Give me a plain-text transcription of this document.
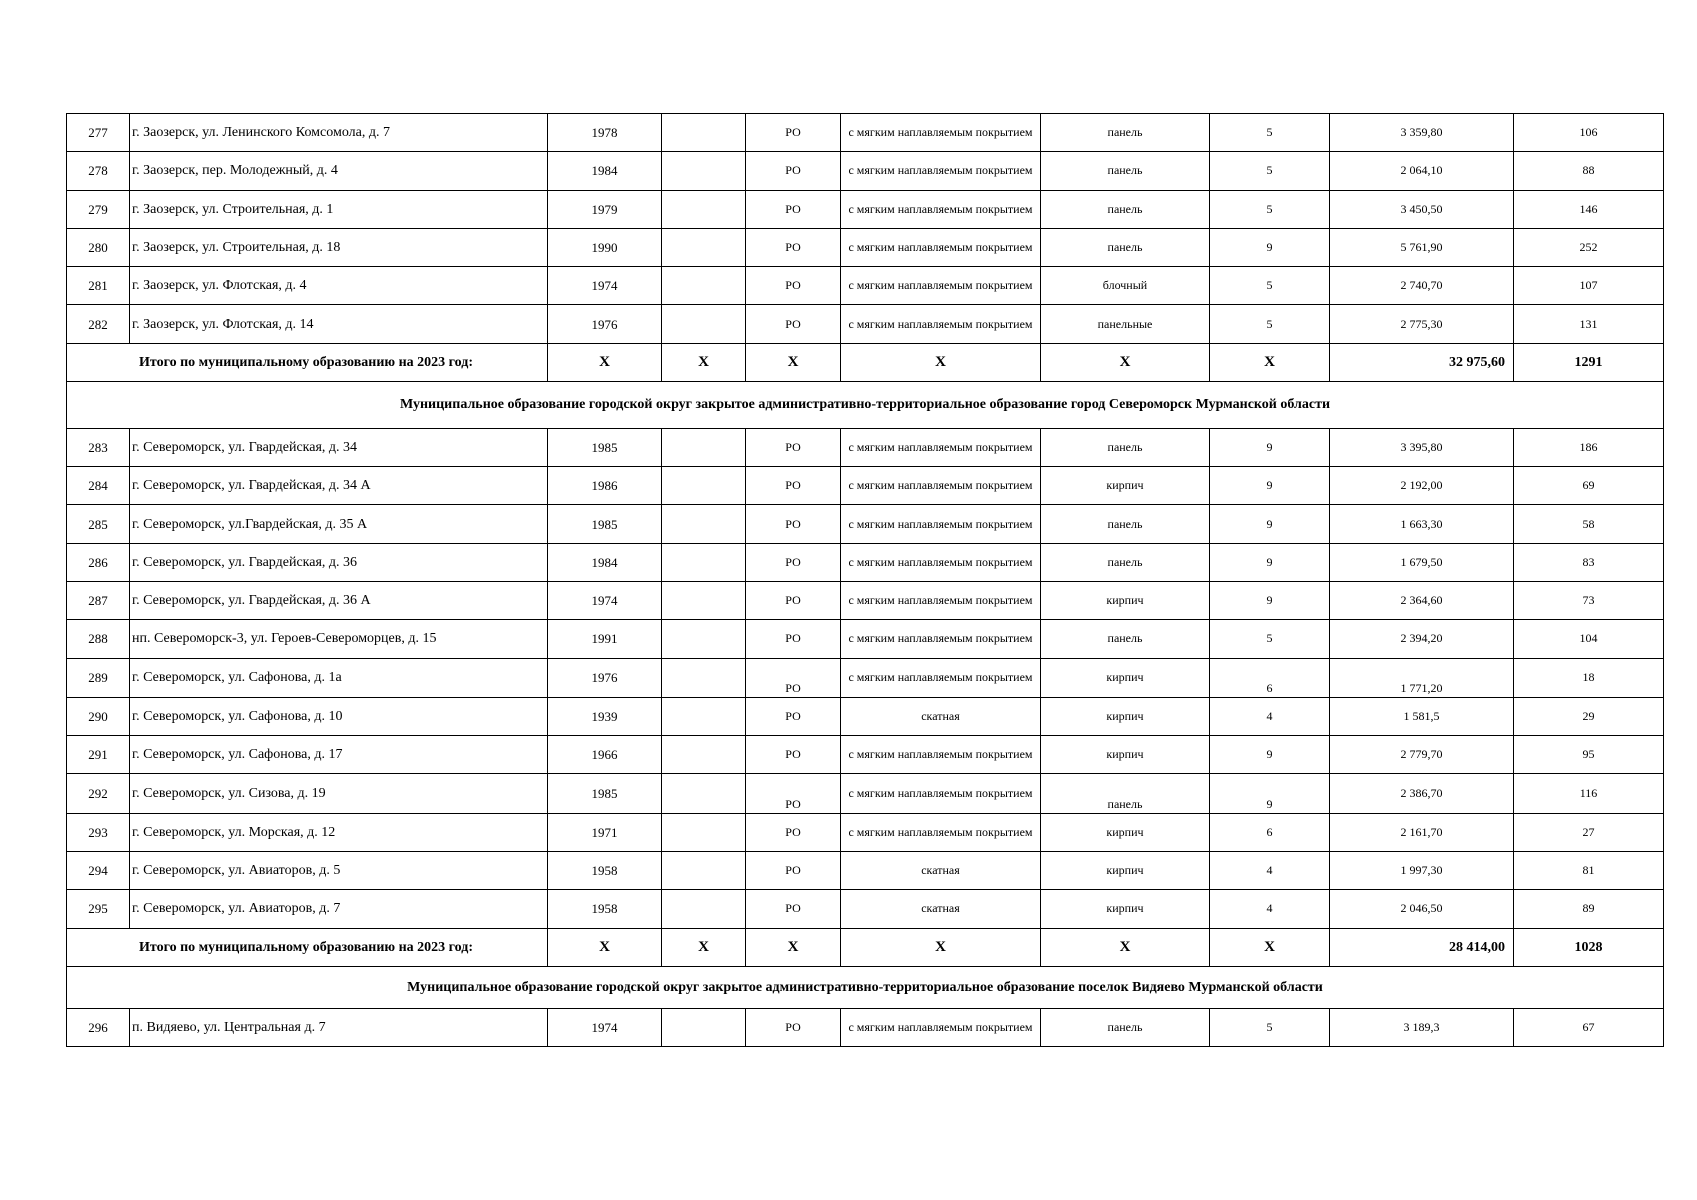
277	г. Заозерск, ул. Ленинского Комсомола, д. 7	1978		РО	с мягким наплавляемым покрытием	панель	5	3 359,80	106
278	г. Заозерск, пер. Молодежный, д. 4	1984		РО	с мягким наплавляемым покрытием	панель	5	2 064,10	88
279	г. Заозерск, ул. Строительная, д. 1	1979		РО	с мягким наплавляемым покрытием	панель	5	3 450,50	146
280	г. Заозерск, ул. Строительная, д. 18	1990		РО	с мягким наплавляемым покрытием	панель	9	5 761,90	252
281	г. Заозерск, ул. Флотская, д. 4	1974		РО	с мягким наплавляемым покрытием	блочный	5	2 740,70	107
282	г. Заозерск, ул. Флотская, д. 14	1976		РО	с мягким наплавляемым покрытием	панельные	5	2 775,30	131
Итого по муниципальному образованию на 2023 год:		X	X	X	X	X	X	32 975,60	1291
Муниципальное образование городской округ закрытое административно-территориальное образование город Североморск Мурманской области									
283	г. Североморск, ул. Гвардейская, д. 34	1985		РО	с мягким наплавляемым покрытием	панель	9	3 395,80	186
284	г. Североморск, ул. Гвардейская, д. 34 А	1986		РО	с мягким наплавляемым покрытием	кирпич	9	2 192,00	69
285	г. Североморск, ул.Гвардейская, д. 35 А	1985		РО	с мягким наплавляемым покрытием	панель	9	1 663,30	58
286	г. Североморск, ул. Гвардейская, д. 36	1984		РО	с мягким наплавляемым покрытием	панель	9	1 679,50	83
287	г. Североморск, ул. Гвардейская, д. 36 А	1974		РО	с мягким наплавляемым покрытием	кирпич	9	2 364,60	73
288	нп. Североморск-3, ул. Героев-Североморцев, д. 15	1991		РО	с мягким наплавляемым покрытием	панель	5	2 394,20	104
289	г. Североморск, ул. Сафонова, д. 1а	1976		РО	с мягким наплавляемым покрытием	кирпич	6	1 771,20	18
290	г. Североморск, ул. Сафонова, д. 10	1939		РО	скатная	кирпич	4	1 581,5	29
291	г. Североморск, ул. Сафонова, д. 17	1966		РО	с мягким наплавляемым покрытием	кирпич	9	2 779,70	95
292	г. Североморск, ул. Сизова, д. 19	1985		РО	с мягким наплавляемым покрытием	панель	9	2 386,70	116
293	г. Североморск, ул. Морская, д. 12	1971		РО	с мягким наплавляемым покрытием	кирпич	6	2 161,70	27
294	г. Североморск, ул. Авиаторов, д. 5	1958		РО	скатная	кирпич	4	1 997,30	81
295	г. Североморск, ул. Авиаторов, д. 7	1958		РО	скатная	кирпич	4	2 046,50	89
Итого по муниципальному образованию на 2023 год:		X	X	X	X	X	X	28 414,00	1028
Муниципальное образование городской округ закрытое административно-территориальное образование поселок Видяево Мурманской области									
296	п. Видяево, ул. Центральная д. 7	1974		РО	с мягким наплавляемым покрытием	панель	5	3 189,3	67
